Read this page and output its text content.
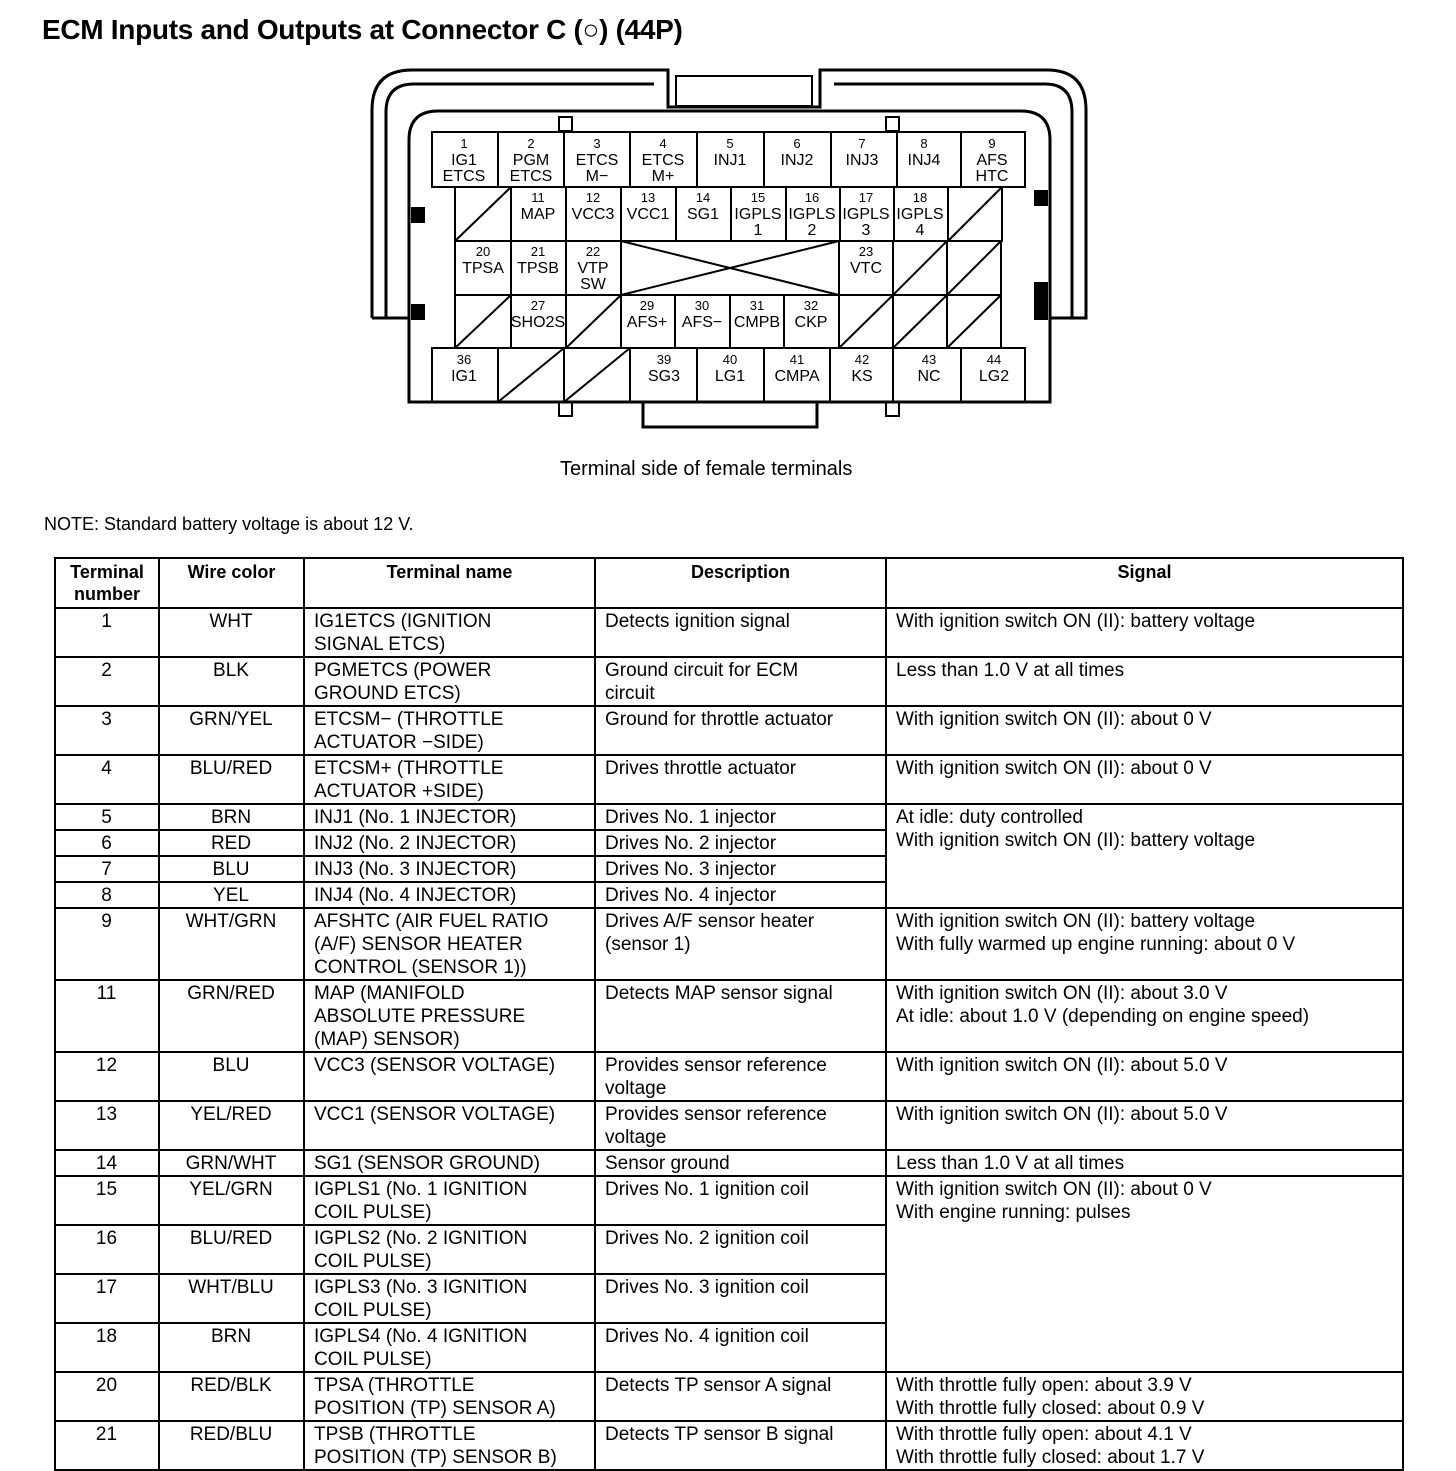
ECM Inputs and Outputs at Connector C (○) (44P)
1
IG1
ETCS
2
PGM
ETCS
3
ETCS
M−
4
ETCS
M+
5
INJ1
6
INJ2
7
INJ3
8
INJ4
9
AFS
HTC
11
MAP
12
VCC3
13
VCC1
14
SG1
15
IGPLS
1
16
IGPLS
2
17
IGPLS
3
18
IGPLS
4
20
TPSA
21
TPSB
22
VTP
SW
23
VTC
27
SHO2S
29
AFS+
30
AFS−
31
CMPB
32
CKP
36
IG1
39
SG3
40
LG1
41
CMPA
42
KS
43
NC
44
LG2
Terminal side of female terminals
NOTE: Standard battery voltage is about 12 V.
Terminal
number	Wire color	Terminal name	Description	Signal
1	WHT	IG1ETCS (IGNITION
SIGNAL ETCS)	Detects ignition signal	With ignition switch ON (II): battery voltage
2	BLK	PGMETCS (POWER
GROUND ETCS)	Ground circuit for ECM
circuit	Less than 1.0 V at all times
3	GRN/YEL	ETCSM− (THROTTLE
ACTUATOR −SIDE)	Ground for throttle actuator	With ignition switch ON (II): about 0 V
4	BLU/RED	ETCSM+ (THROTTLE
ACTUATOR +SIDE)	Drives throttle actuator	With ignition switch ON (II): about 0 V
5	BRN	INJ1 (No. 1 INJECTOR)	Drives No. 1 injector	At idle: duty controlled
With ignition switch ON (II): battery voltage
6	RED	INJ2 (No. 2 INJECTOR)	Drives No. 2 injector	
7	BLU	INJ3 (No. 3 INJECTOR)	Drives No. 3 injector	
8	YEL	INJ4 (No. 4 INJECTOR)	Drives No. 4 injector	
9	WHT/GRN	AFSHTC (AIR FUEL RATIO
(A/F) SENSOR HEATER
CONTROL (SENSOR 1))	Drives A/F sensor heater
(sensor 1)	With ignition switch ON (II): battery voltage
With fully warmed up engine running: about 0 V
11	GRN/RED	MAP (MANIFOLD
ABSOLUTE PRESSURE
(MAP) SENSOR)	Detects MAP sensor signal	With ignition switch ON (II): about 3.0 V
At idle: about 1.0 V (depending on engine speed)
12	BLU	VCC3 (SENSOR VOLTAGE)	Provides sensor reference
voltage	With ignition switch ON (II): about 5.0 V
13	YEL/RED	VCC1 (SENSOR VOLTAGE)	Provides sensor reference
voltage	With ignition switch ON (II): about 5.0 V
14	GRN/WHT	SG1 (SENSOR GROUND)	Sensor ground	Less than 1.0 V at all times
15	YEL/GRN	IGPLS1 (No. 1 IGNITION
COIL PULSE)	Drives No. 1 ignition coil	With ignition switch ON (II): about 0 V
With engine running: pulses
16	BLU/RED	IGPLS2 (No. 2 IGNITION
COIL PULSE)	Drives No. 2 ignition coil	
17	WHT/BLU	IGPLS3 (No. 3 IGNITION
COIL PULSE)	Drives No. 3 ignition coil	
18	BRN	IGPLS4 (No. 4 IGNITION
COIL PULSE)	Drives No. 4 ignition coil	
20	RED/BLK	TPSA (THROTTLE
POSITION (TP) SENSOR A)	Detects TP sensor A signal	With throttle fully open: about 3.9 V
With throttle fully closed: about 0.9 V
21	RED/BLU	TPSB (THROTTLE
POSITION (TP) SENSOR B)	Detects TP sensor B signal	With throttle fully open: about 4.1 V
With throttle fully closed: about 1.7 V
